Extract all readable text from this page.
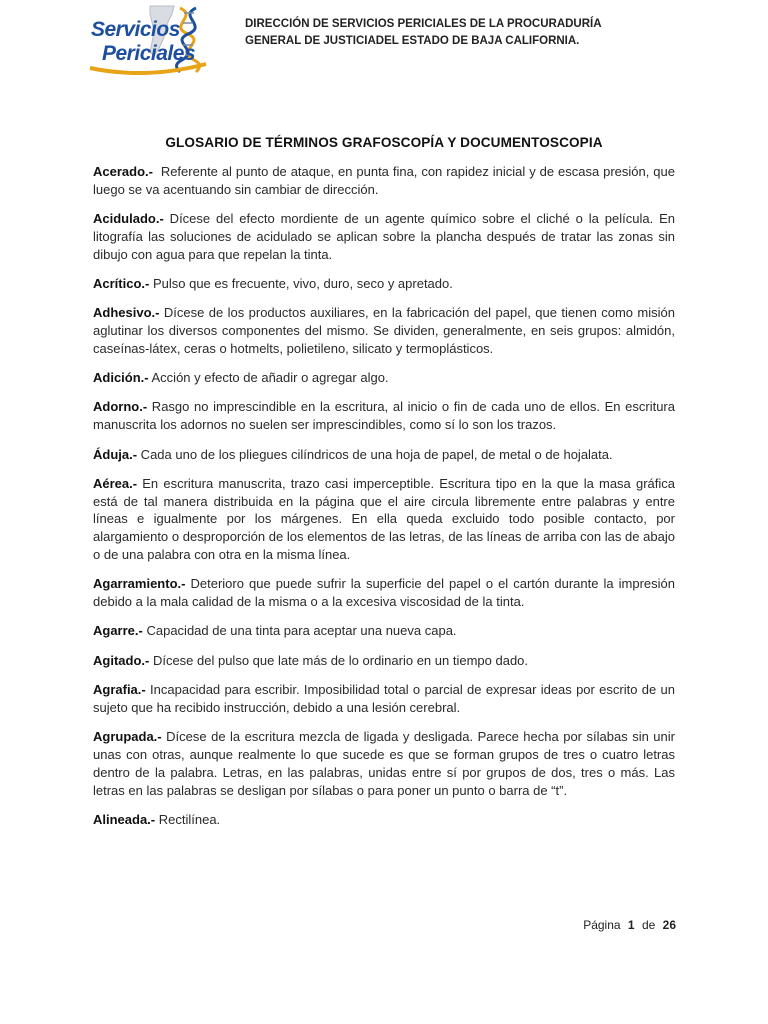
Servicios
Periciales
DIRECCIÓN DE SERVICIOS PERICIALES DE LA PROCURADURÍA
GENERAL DE JUSTICIADEL ESTADO DE BAJA CALIFORNIA.
GLOSARIO DE TÉRMINOS GRAFOSCOPÍA Y DOCUMENTOSCOPIA

Acerado.-  Referente al punto de ataque, en punta fina, con rapidez inicial y de escasa presión, que luego se va acentuando sin cambiar de dirección.

Acidulado.- Dícese del efecto mordiente de un agente químico sobre el cliché o la película. En litografía las soluciones de acidulado se aplican sobre la plancha después de tratar las zonas sin dibujo con agua para que repelan la tinta.

Acrítico.- Pulso que es frecuente, vivo, duro, seco y apretado.

Adhesivo.- Dícese de los productos auxiliares, en la fabricación del papel, que tienen como misión aglutinar los diversos componentes del mismo. Se dividen, generalmente, en seis grupos: almidón, caseínas-látex, ceras o hotmelts, polietileno, silicato y termoplásticos.

Adición.- Acción y efecto de añadir o agregar algo.

Adorno.- Rasgo no imprescindible en la escritura, al inicio o fin de cada uno de ellos. En escritura manuscrita los adornos no suelen ser imprescindibles, como sí lo son los trazos.

Áduja.- Cada uno de los pliegues cilíndricos de una hoja de papel, de metal o de hojalata.

Aérea.- En escritura manuscrita, trazo casi imperceptible. Escritura tipo en la que la masa gráfica está de tal manera distribuida en la página que el aire circula libremente entre palabras y entre líneas e igualmente por los márgenes. En ella queda excluido todo posible contacto, por alargamiento o desproporción de los elementos de las letras, de las líneas de arriba con las de abajo o de una palabra con otra en la misma línea.

Agarramiento.- Deterioro que puede sufrir la superficie del papel o el cartón durante la impresión debido a la mala calidad de la misma o a la excesiva viscosidad de la tinta.

Agarre.- Capacidad de una tinta para aceptar una nueva capa.

Agitado.- Dícese del pulso que late más de lo ordinario en un tiempo dado.

Agrafia.- Incapacidad para escribir. Imposibilidad total o parcial de expresar ideas por escrito de un sujeto que ha recibido instrucción, debido a una lesión cerebral.

Agrupada.- Dícese de la escritura mezcla de ligada y desligada. Parece hecha por sílabas sin unir unas con otras, aunque realmente lo que sucede es que se forman grupos de tres o cuatro letras dentro de la palabra. Letras, en las palabras, unidas entre sí por grupos de dos, tres o más. Las letras en las palabras se desligan por sílabas o para poner un punto o barra de “t”.

Alineada.- Rectilínea.

Página 1 de 26
